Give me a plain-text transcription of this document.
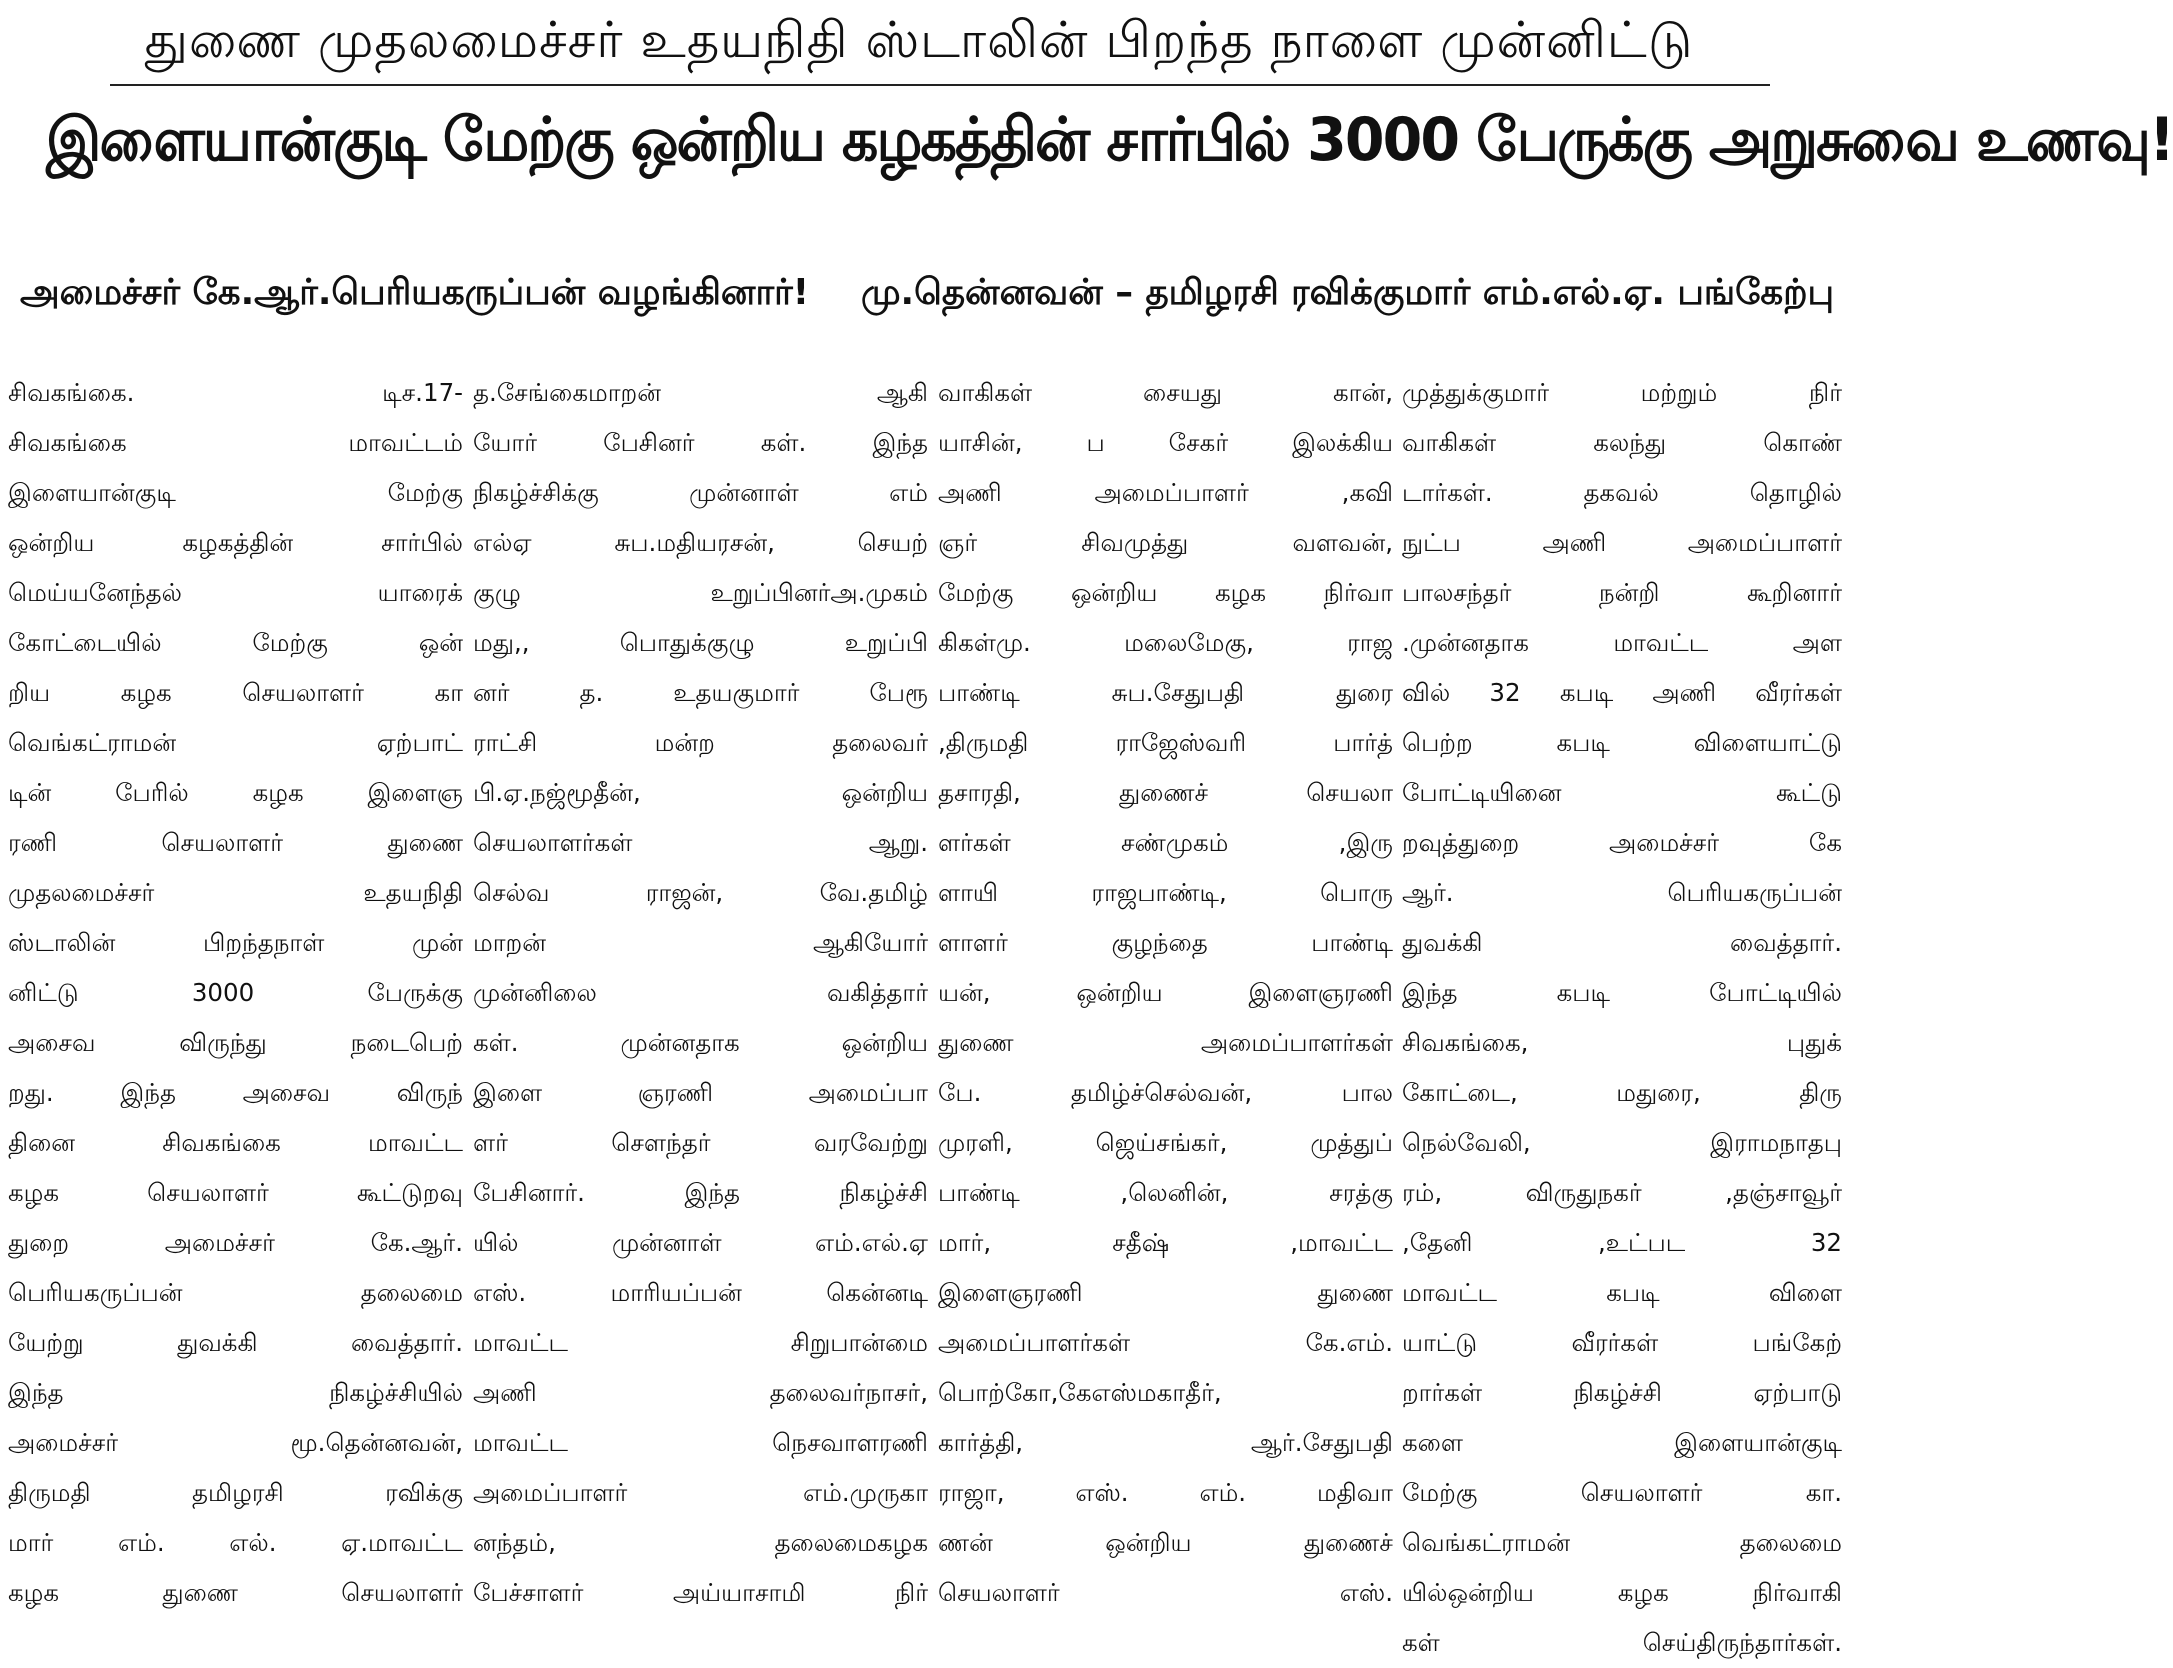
துணை முதலமைச்சர் உதயநிதி ஸ்டாலின் பிறந்த நாளை முன்னிட்டு
இளையான்குடி மேற்கு ஒன்றிய கழகத்தின் சார்பில் 3000 பேருக்கு அறுசுவை உணவு!
அமைச்சர் கே.ஆர்.பெரியகருப்பன் வழங்கினார்! மு.தென்னவன் – தமிழரசி ரவிக்குமார் எம்.எல்.ஏ. பங்கேற்பு

சிவகங்கை. டிச.17-

சிவகங்கை மாவட்டம்

இளையான்குடி மேற்கு

ஒன்றிய கழகத்தின் சார்பில்

மெய்யனேந்தல் யாரைக்

கோட்டையில் மேற்கு ஒன்

றிய கழக செயலாளர் கா

வெங்கட்ராமன் ஏற்பாட்

டின் பேரில் கழக இளைஞ

ரணி செயலாளர் துணை

முதலமைச்சர் உதயநிதி

ஸ்டாலின் பிறந்தநாள் முன்

னிட்டு 3000 பேருக்கு

அசைவ விருந்து நடைபெற்

றது. இந்த அசைவ விருந்

தினை சிவகங்கை மாவட்ட

கழக செயலாளர் கூட்டுறவு

துறை அமைச்சர் கே.ஆர்.

பெரியகருப்பன் தலைமை

யேற்று துவக்கி வைத்தார்.

இந்த நிகழ்ச்சியில்

அமைச்சர் மூ.தென்னவன்,

திருமதி தமிழரசி ரவிக்கு

மார் எம். எல். ஏ.மாவட்ட

கழக துணை செயலாளர்

த.சேங்கைமாறன் ஆகி

யோர் பேசினர் கள். இந்த

நிகழ்ச்சிக்கு முன்னாள் எம்

எல்ஏ சுப.மதியரசன், செயற்

குழு உறுப்பினர்அ.முகம்

மது,, பொதுக்குழு உறுப்பி

னர் த. உதயகுமார் பேரூ

ராட்சி மன்ற தலைவர்

பி.ஏ.நஜ்மூதீன், ஒன்றிய

செயலாளர்கள் ஆறு.

செல்வ ராஜன், வே.தமிழ்

மாறன் ஆகியோர்

முன்னிலை வகித்தார்

கள். முன்னதாக ஒன்றிய

இளை ஞரணி அமைப்பா

ளர் சௌந்தர் வரவேற்று

பேசினார். இந்த நிகழ்ச்சி

யில் முன்னாள் எம்.எல்.ஏ

எஸ். மாரியப்பன் கென்னடி

மாவட்ட சிறுபான்மை

அணி தலைவர்நாசர்,

மாவட்ட நெசவாளரணி

அமைப்பாளர் எம்.முருகா

னந்தம், தலைமைகழக

பேச்சாளர் அய்யாசாமி நிர்

வாகிகள் சையது கான்,

யாசின், ப சேகர் இலக்கிய

அணி அமைப்பாளர் ,கவி

ஞர் சிவமுத்து வளவன்,

மேற்கு ஒன்றிய கழக நிர்வா

கிகள்மு. மலைமேகு, ராஜ

பாண்டி சுப.சேதுபதி துரை

,திருமதி ராஜேஸ்வரி பார்த்

தசாரதி, துணைச் செயலா

ளர்கள் சண்முகம் ,இரு

ளாயி ராஜபாண்டி, பொரு

ளாளர் குழந்தை பாண்டி

யன், ஒன்றிய இளைஞரணி

துணை அமைப்பாளர்கள்

பே. தமிழ்ச்செல்வன், பால

முரளி, ஜெய்சங்கர், முத்துப்

பாண்டி ,லெனின், சரத்கு

மார், சதீஷ் ,மாவட்ட

இளைஞரணி துணை

அமைப்பாளர்கள் கே.எம்.

பொற்கோ,கேஎஸ்மகாதீர்,

கார்த்தி, ஆர்.சேதுபதி

ராஜா, எஸ். எம். மதிவா

ணன் ஒன்றிய துணைச்

செயலாளர் எஸ்.

முத்துக்குமார் மற்றும் நிர்

வாகிகள் கலந்து கொண்

டார்கள். தகவல் தொழில்

நுட்ப அணி அமைப்பாளர்

பாலசந்தர் நன்றி கூறினார்

.முன்னதாக மாவட்ட அள

வில் 32 கபடி அணி வீரர்கள்

பெற்ற கபடி விளையாட்டு

போட்டியினை கூட்டு

றவுத்துறை அமைச்சர் கே

ஆர். பெரியகருப்பன்

துவக்கி வைத்தார்.

இந்த கபடி போட்டியில்

சிவகங்கை, புதுக்

கோட்டை, மதுரை, திரு

நெல்வேலி, இராமநாதபு

ரம், விருதுநகர் ,தஞ்சாவூர்

,தேனி ,உட்பட 32

மாவட்ட கபடி விளை

யாட்டு வீரர்கள் பங்கேற்

றார்கள் நிகழ்ச்சி ஏற்பாடு

களை இளையான்குடி

மேற்கு செயலாளர் கா.

வெங்கட்ராமன் தலைமை

யில்ஒன்றிய கழக நிர்வாகி

கள் செய்திருந்தார்கள்.
